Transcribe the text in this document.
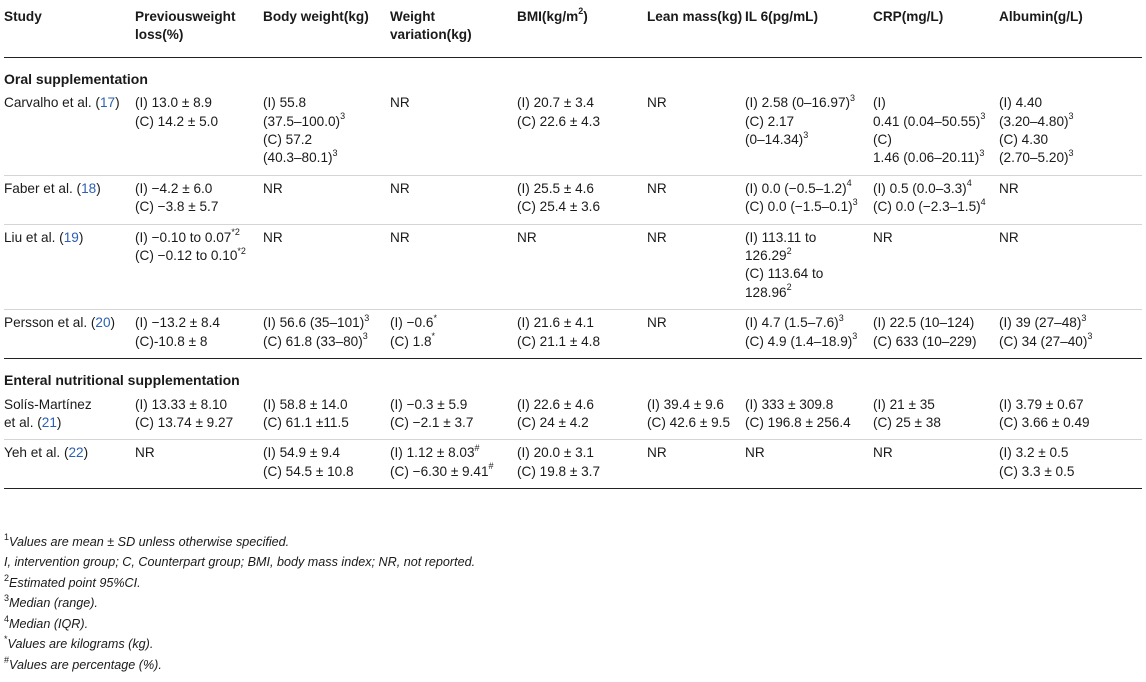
Study	Previousweight loss(%)	Body weight(kg)	Weight variation(kg)	$BMI(kg/m^2)$	Lean mass(kg)	IL 6(pg/mL)	CRP(mg/L)	Albumin(g/L)
Oral supplementation								

Carvalho et al. (17)	(I) 13.0 ± 8.9
(C) 14.2 ± 5.0	(I) 55.8
$(37.5-100.0)^3$
(C) 57.2
$(40.3-80.1)^3$	NR	(I) 20.7 ± 3.4
(C) 22.6 ± 4.3	NR	(I) 2.58 $(0-16.97)^3$
(C) 2.17
$(0-14.34)^3$	(I)
0.41 $(0.04-50.55)^3$
(C)
1.46 $(0.06-20.11)^3$	(I) 4.40
$(3.20-4.80)^3$
(C) 4.30
$(2.70-5.20)^3$

Faber et al. (18)	(I) −4.2 ± 6.0
(C) −3.8 ± 5.7	NR	NR	(I) 25.5 ± 4.6
(C) 25.4 ± 3.6	NR	(I) 0.0 $(-0.5-1.2)^4$
(C) 0.0 $(-1.5-0.1)^3$	(I) 0.5 $(0.0-3.3)^4$
(C) 0.0 $(-2.3-1.5)^4$	NR

Liu et al. (19)	(I) −0.10 to 0.07$^{*2}$
(C) −0.12 to 0.10$^{*2}$	NR	NR	NR	NR	(I) 113.11 to
126.29$^2$
(C) 113.64 to
128.96$^2$	NR	NR

Persson et al. (20)	(I) −13.2 ± 8.4
(C)-10.8 ± 8	(I) 56.6 $(35-101)^3$
(C) 61.8 $(33-80)^3$	(I) −0.6*
(C) 1.8*	(I) 21.6 ± 4.1
(C) 21.1 ± 4.8	NR	(I) 4.7 $(1.5-7.6)^3$
(C) 4.9 $(1.4-18.9)^3$	(I) 22.5 (10–124)
(C) 633 (10–229)	(I) 39 $(27-48)^3$
(C) 34 $(27-40)^3$

Enteral nutritional supplementation								

Solís-Martínez
et al. (21)	(I) 13.33 ± 8.10
(C) 13.74 ± 9.27	(I) 58.8 ± 14.0
(C) 61.1 ±11.5	(I) −0.3 ± 5.9
(C) −2.1 ± 3.7	(I) 22.6 ± 4.6
(C) 24 ± 4.2	(I) 39.4 ± 9.6
(C) 42.6 ± 9.5	(I) 333 ± 309.8
(C) 196.8 ± 256.4	(I) 21 ± 35
(C) 25 ± 38	(I) 3.79 ± 0.67
(C) 3.66 ± 0.49

Yeh et al. (22)	NR	(I) 54.9 ± 9.4
(C) 54.5 ± 10.8	(I) 1.12 ± 8.03#
(C) −6.30 ± 9.41#	(I) 20.0 ± 3.1
(C) 19.8 ± 3.7	NR	NR	NR	(I) 3.2 ± 0.5
(C) 3.3 ± 0.5
$^1$Values are mean ± SD unless otherwise specified.
I, intervention group; C, Counterpart group; BMI, body mass index; NR, not reported.
$^2$Estimated point 95%CI.
$^3$Median (range).
$^4$Median (IQR).
*Values are kilograms (kg).
#Values are percentage (%).
